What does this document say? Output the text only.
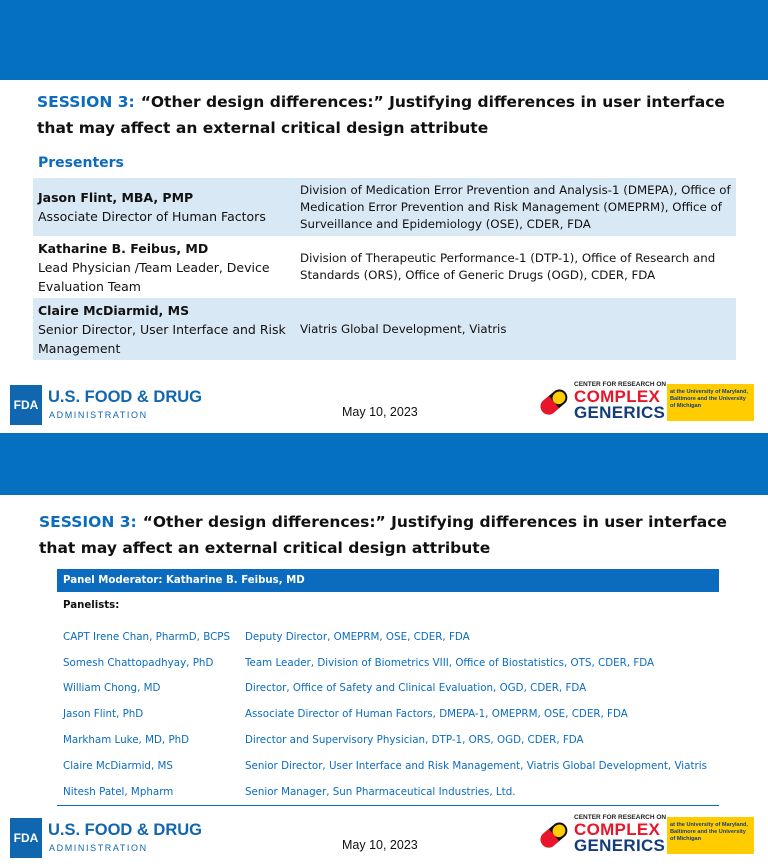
SESSION 3: “Other design differences:” Justifying differences in user interface that may affect an external critical design attribute
Presenters
Jason Flint, MBA, PMP
Associate Director of Human Factors	Division of Medication Error Prevention and Analysis-1 (DMEPA), Office of Medication Error Prevention and Risk Management (OMEPRM), Office of Surveillance and Epidemiology (OSE), CDER, FDA

Katharine B. Feibus, MD
Lead Physician /Team Leader, Device Evaluation Team	Division of Therapeutic Performance-1 (DTP-1), Office of Research and Standards (ORS), Office of Generic Drugs (OGD), CDER, FDA

Claire McDiarmid, MS
Senior Director, User Interface and Risk Management	Viatris Global Development, Viatris
FDA U.S. FOOD & DRUG
ADMINISTRATION	May 10, 2023
CENTER FOR RESEARCH ON
COMPLEX
GENERICS
at the University of Maryland, Baltimore and the University of Michigan
SESSION 3: “Other design differences:” Justifying differences in user interface that may affect an external critical design attribute
Panel Moderator: Katharine B. Feibus, MD
Panelists:
CAPT Irene Chan, PharmD, BCPS	Deputy Director, OMEPRM, OSE, CDER, FDA
Somesh Chattopadhyay, PhD	Team Leader, Division of Biometrics VIII, Office of Biostatistics, OTS, CDER, FDA
William Chong, MD	Director, Office of Safety and Clinical Evaluation, OGD, CDER, FDA
Jason Flint, PhD	Associate Director of Human Factors, DMEPA-1, OMEPRM, OSE, CDER, FDA
Markham Luke, MD, PhD	Director and Supervisory Physician, DTP-1, ORS, OGD, CDER, FDA
Claire McDiarmid, MS	Senior Director, User Interface and Risk Management, Viatris Global Development, Viatris
Nitesh Patel, Mpharm	Senior Manager, Sun Pharmaceutical Industries, Ltd.
FDA U.S. FOOD & DRUG
ADMINISTRATION	May 10, 2023
CENTER FOR RESEARCH ON
COMPLEX
GENERICS
at the University of Maryland, Baltimore and the University of Michigan
